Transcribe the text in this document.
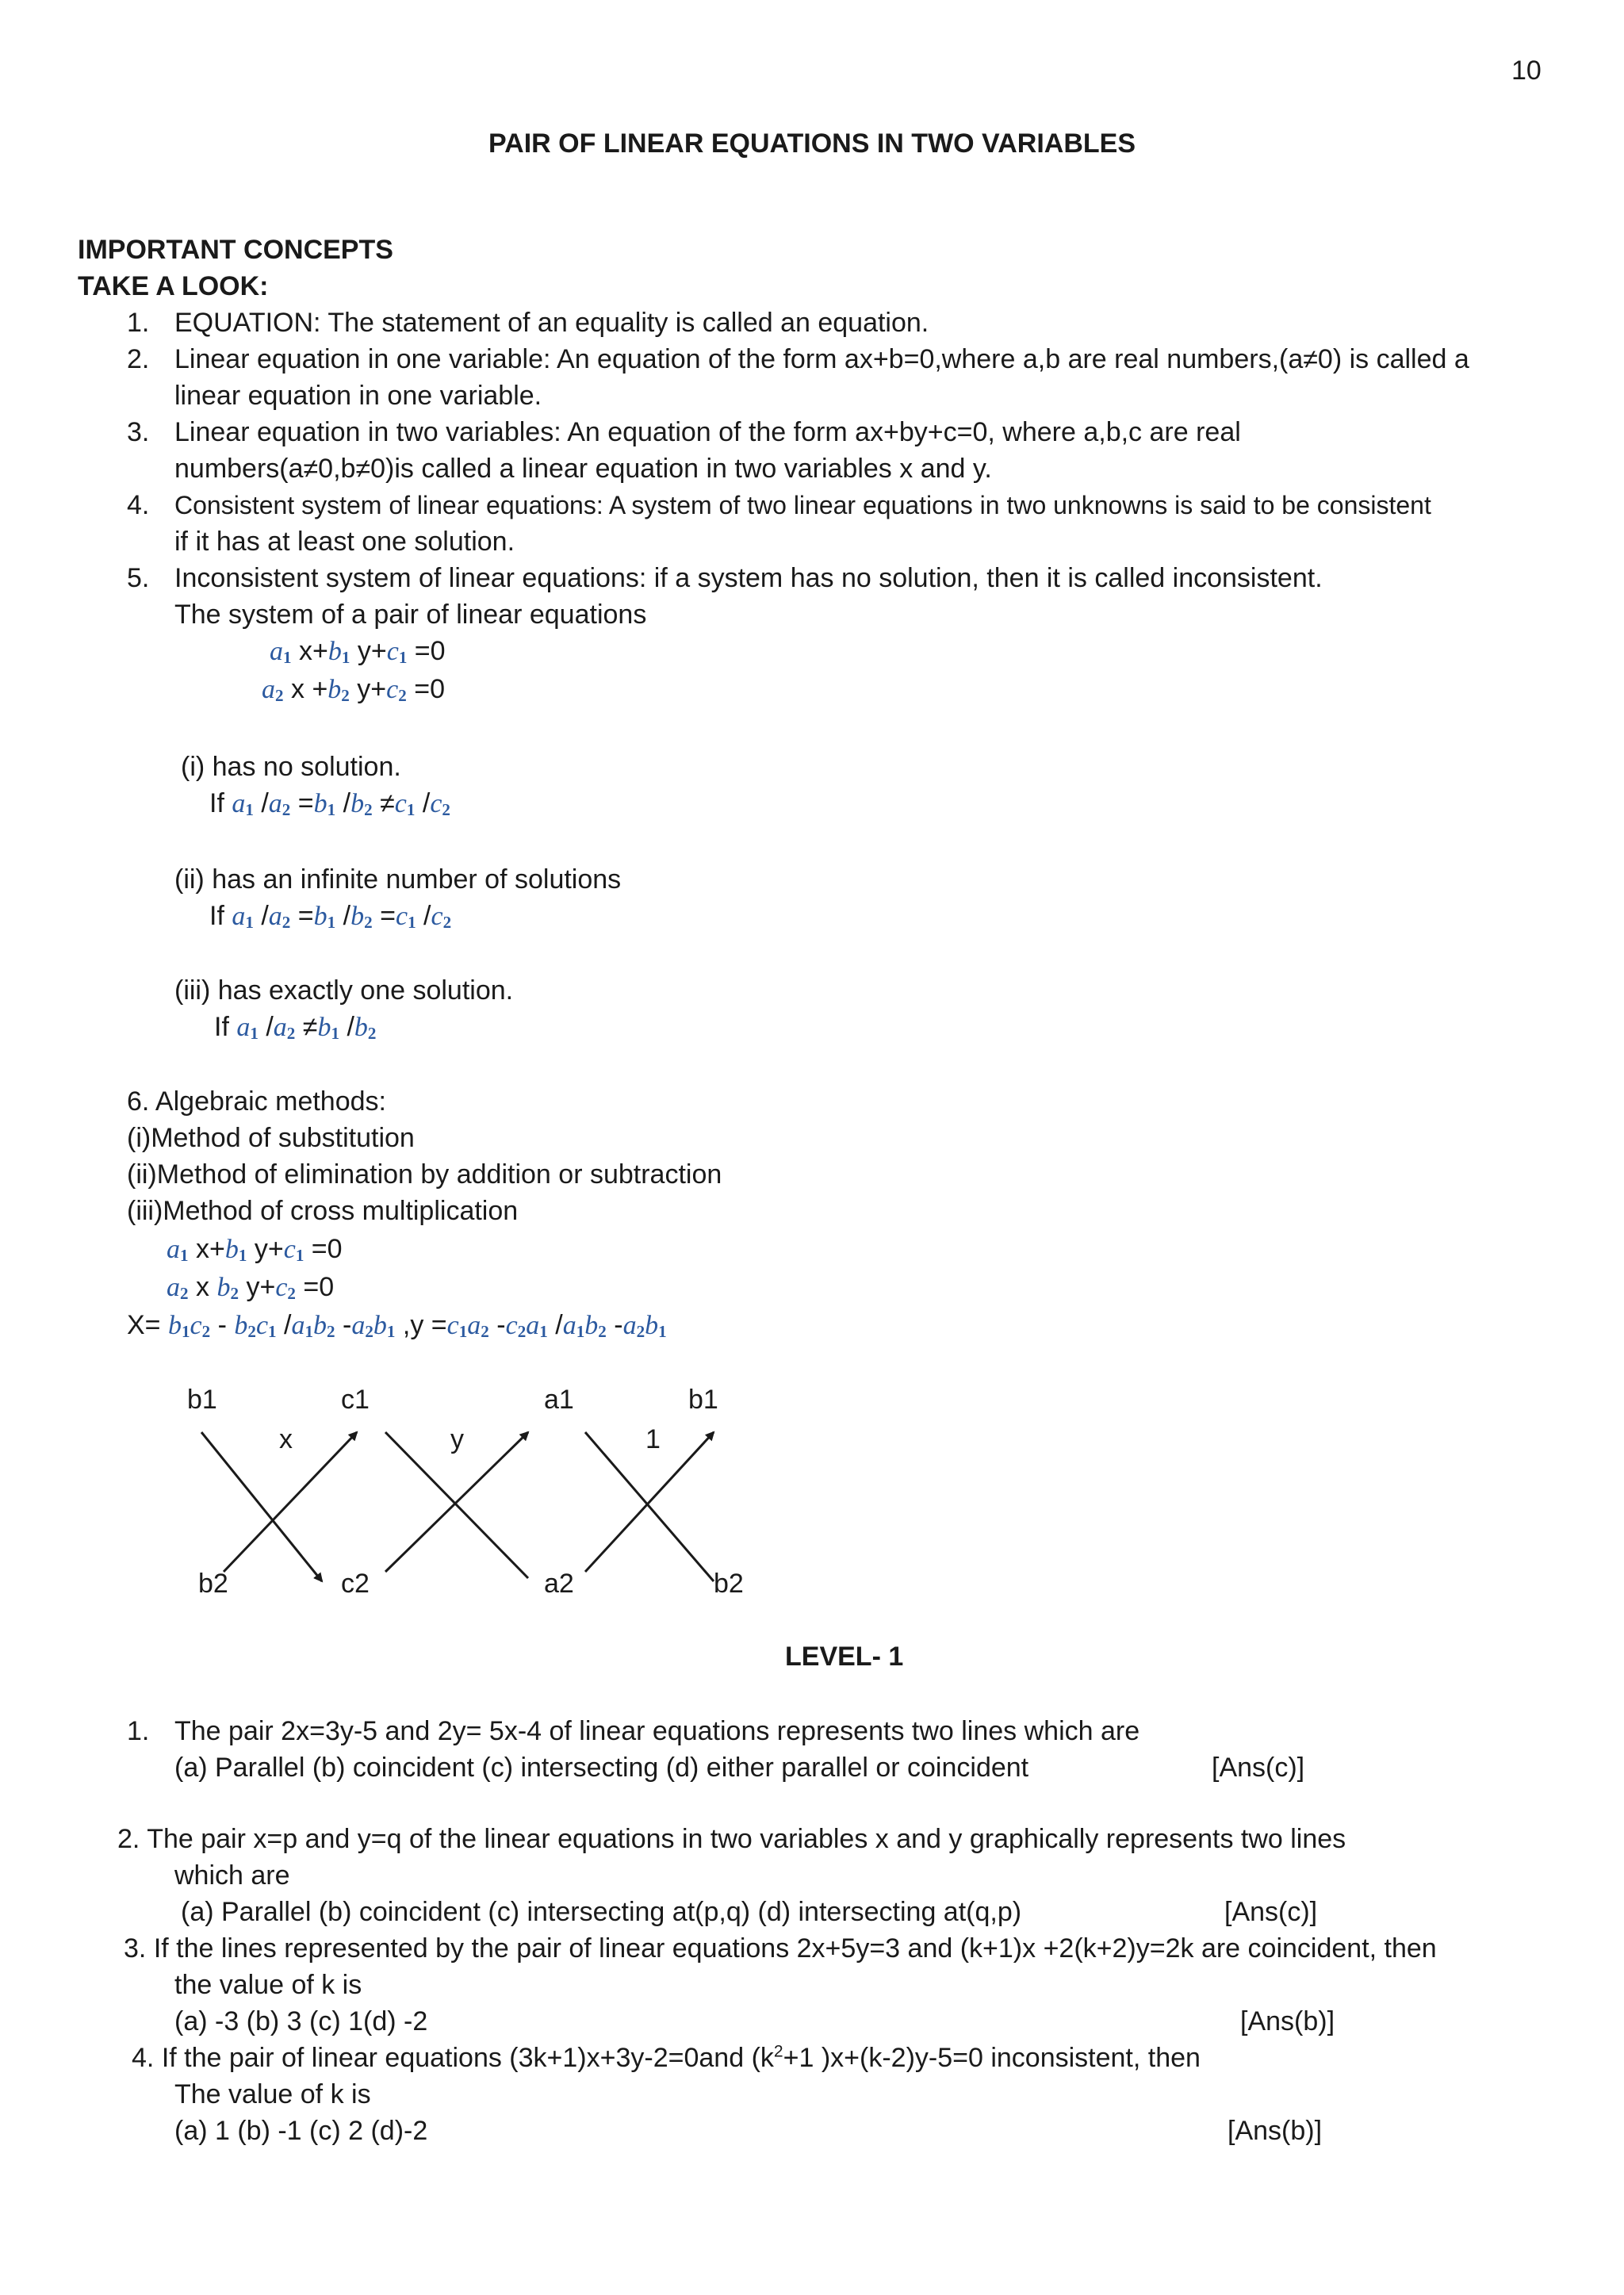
10
PAIR OF LINEAR EQUATIONS IN TWO VARIABLES
IMPORTANT CONCEPTS
TAKE A LOOK:
1. EQUATION: The statement of an equality is called an equation.
2. Linear equation in one variable: An equation of the form ax+b=0,where a,b are real numbers,(a≠0) is called a
linear equation in one variable.
3. Linear equation in two variables: An equation of the form ax+by+c=0, where a,b,c are real
numbers(a≠0,b≠0)is called a linear equation in two variables x and y.
4. Consistent system of linear equations: A system of two linear equations in two unknowns is said to be consistent
if it has at least one solution.
5. Inconsistent system of linear equations: if a system has no solution, then it is called inconsistent.
The system of a pair of linear equations
$a_1$ $x+b_1$ $y+c_1 =0$
$a_2$ $x +b_2$ $y+c_2 =0$
(i) has no solution.
If $a_1$ $/a_2 =b_1$ $/b_2 \ne c_1$ $/c_2$
(ii) has an infinite number of solutions
If $a_1$ $/a_2 =b_1$ $/b_2 =c_1$ $/c_2$
(iii) has exactly one solution.
If $a_1$ $/a_2 \ne b_1$ $/b_2$
6. Algebraic methods:
(i)Method of substitution
(ii)Method of elimination by addition or subtraction
(iii)Method of cross multiplication
$a_1$ $x+b_1$ $y+c_1 =0$
$a_2$ x $b_2$ $y+c_2 =0$
$X= b_1c_2 - b_2c_1$ $/a_1b_2$ $-a_2b_1$ $,y =c_1a_2$ $-c_2a_1$ $/a_1b_2$ $-a_2b_1$
b1	c1	a1	b1
x	y	1
b2	c2	a2	b2
LEVEL- 1
1. The pair 2x=3y-5 and 2y= 5x-4 of linear equations represents two lines which are
(a) Parallel (b) coincident (c) intersecting (d) either parallel or coincident	[Ans(c)]
2. The pair x=p and y=q of the linear equations in two variables x and y graphically represents two lines
which are
(a) Parallel (b) coincident (c) intersecting at(p,q) (d) intersecting at(q,p)	[Ans(c)]
3. If the lines represented by the pair of linear equations 2x+5y=3 and (k+1)x +2(k+2)y=2k are coincident, then
the value of k is
(a) -3 (b) 3 (c) 1(d) -2	[Ans(b)]
4. If the pair of linear equations (3k+1)x+3y-2=0and ($k^2+1$ )x+(k-2)y-5=0 inconsistent, then
The value of k is
(a) 1 (b) -1 (c) 2 (d)-2	[Ans(b)]
